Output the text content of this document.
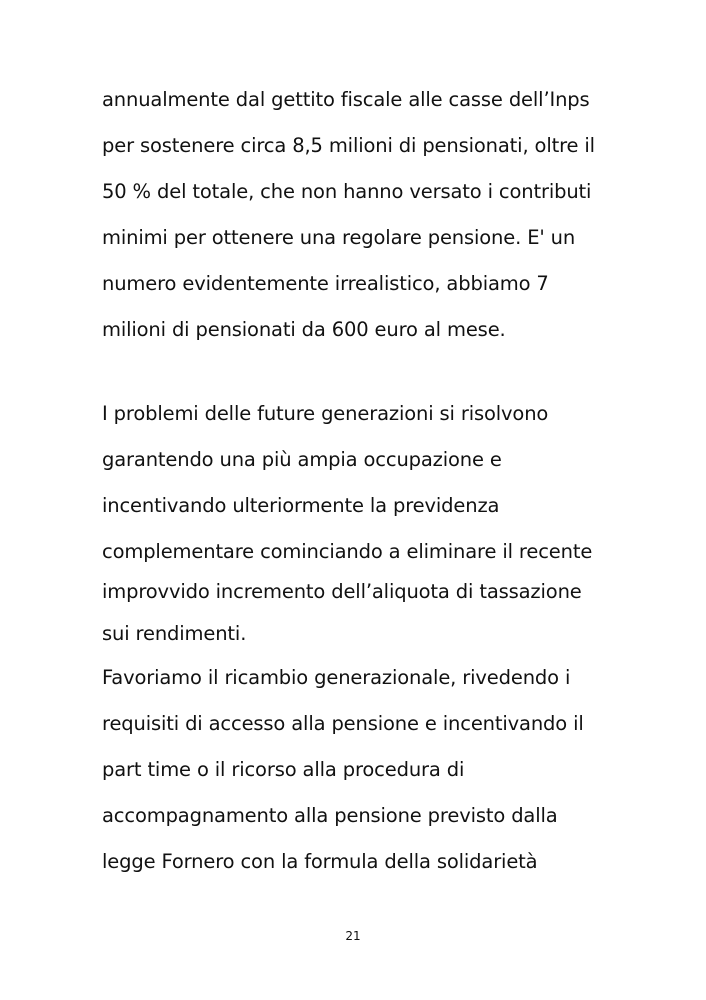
annualmente dal gettito fiscale alle casse dell’Inps

per sostenere circa 8,5 milioni di pensionati, oltre il

50 % del totale, che non hanno versato i contributi

minimi per ottenere una regolare pensione. E' un

numero evidentemente irrealistico, abbiamo 7

milioni di pensionati da 600 euro al mese.

I problemi delle future generazioni si risolvono

garantendo una più ampia occupazione e

incentivando ulteriormente la previdenza

complementare cominciando a eliminare il recente

improvvido incremento dell’aliquota di tassazione

sui rendimenti.

Favoriamo il ricambio generazionale, rivedendo i

requisiti di accesso alla pensione e incentivando il

part time o il ricorso alla procedura di

accompagnamento alla pensione previsto dalla

legge Fornero con la formula della solidarietà

21
